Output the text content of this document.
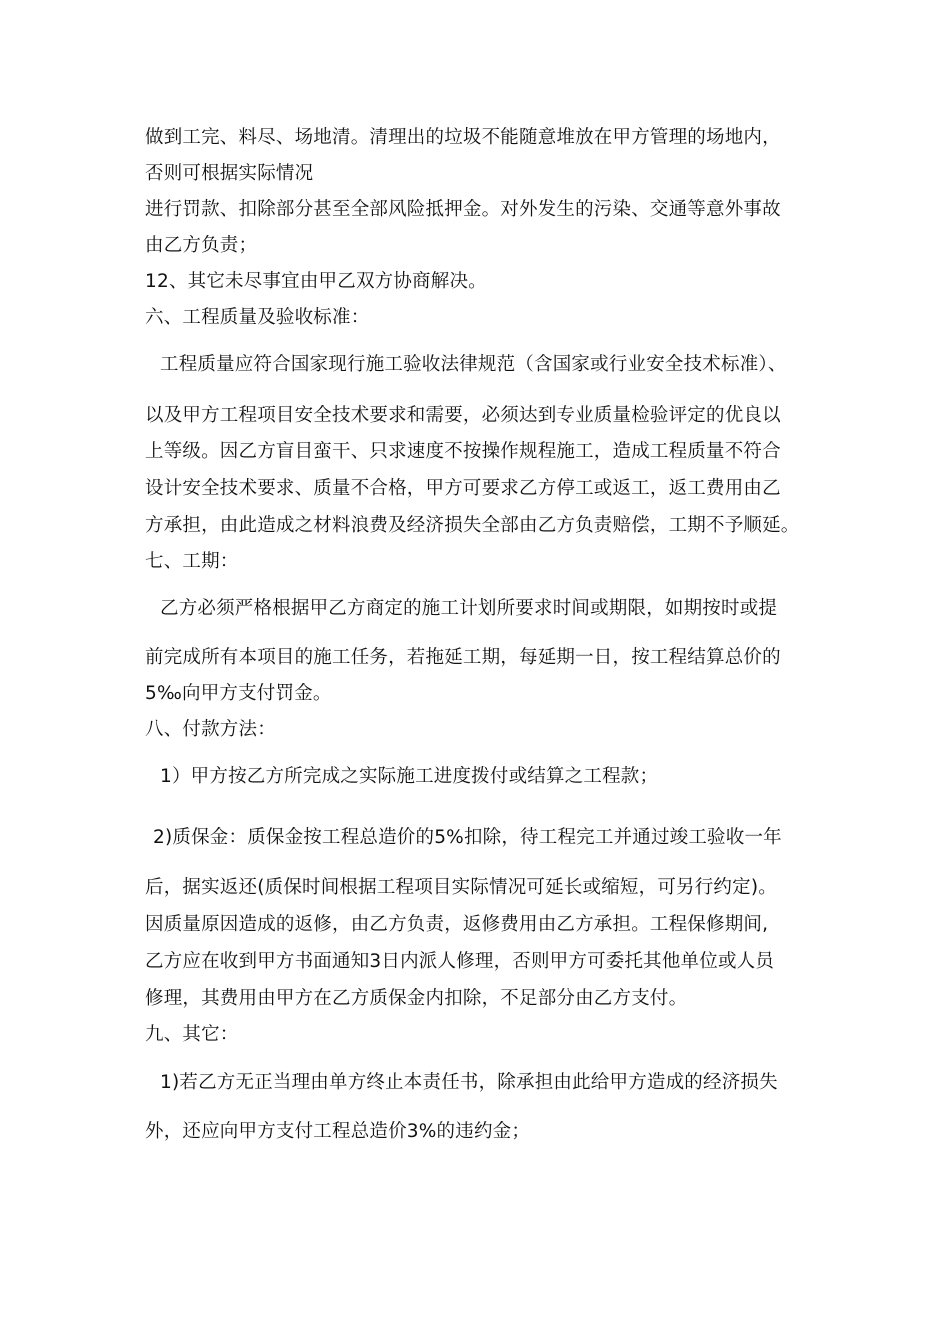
做到工完、料尽、场地清。清理出的垃圾不能随意堆放在甲方管理的场地内，
否则可根据实际情况
进行罚款、扣除部分甚至全部风险抵押金。对外发生的污染、交通等意外事故
由乙方负责；
12、其它未尽事宜由甲乙双方协商解决。
六、工程质量及验收标准：
工程质量应符合国家现行施工验收法律规范（含国家或行业安全技术标准）、
以及甲方工程项目安全技术要求和需要，必须达到专业质量检验评定的优良以
上等级。因乙方盲目蛮干、只求速度不按操作规程施工，造成工程质量不符合
设计安全技术要求、质量不合格，甲方可要求乙方停工或返工，返工费用由乙
方承担，由此造成之材料浪费及经济损失全部由乙方负责赔偿，工期不予顺延。
七、工期：
乙方必须严格根据甲乙方商定的施工计划所要求时间或期限，如期按时或提
前完成所有本项目的施工任务，若拖延工期，每延期一日，按工程结算总价的
5‰向甲方支付罚金。
八、付款方法：
1）甲方按乙方所完成之实际施工进度拨付或结算之工程款；
2)质保金：质保金按工程总造价的5%扣除，待工程完工并通过竣工验收一年
后，据实返还(质保时间根据工程项目实际情况可延长或缩短，可另行约定)。
因质量原因造成的返修，由乙方负责，返修费用由乙方承担。工程保修期间,
乙方应在收到甲方书面通知3日内派人修理，否则甲方可委托其他单位或人员
修理，其费用由甲方在乙方质保金内扣除，不足部分由乙方支付。
九、其它：
1)若乙方无正当理由单方终止本责任书，除承担由此给甲方造成的经济损失
外，还应向甲方支付工程总造价3%的违约金；
